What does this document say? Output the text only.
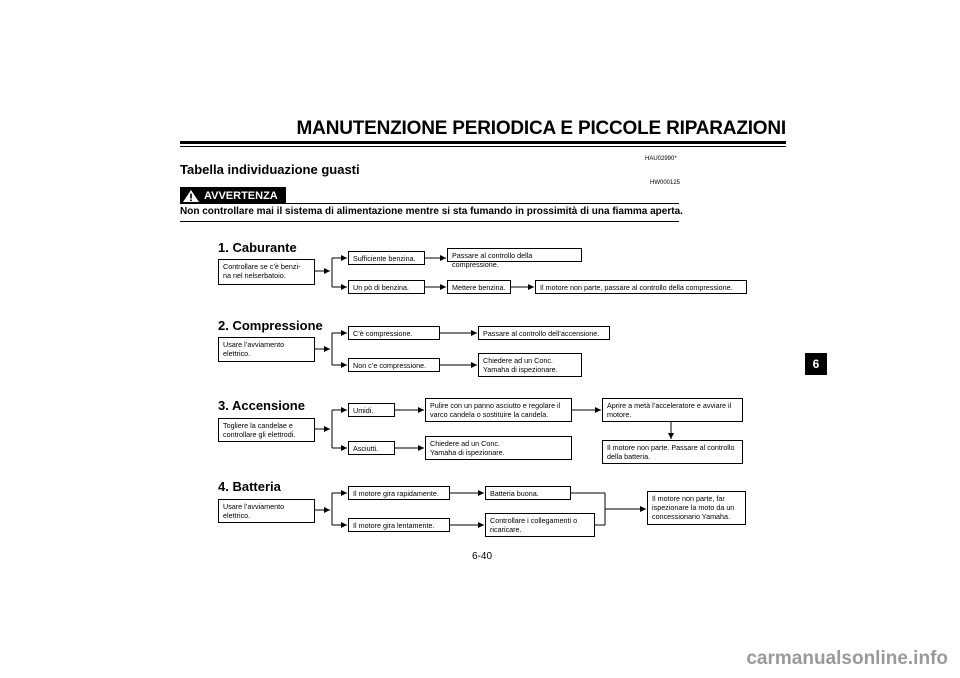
MANUTENZIONE PERIODICA E PICCOLE RIPARAZIONI
HAU02990*
Tabella individuazione guasti
HW000125
AVVERTENZA
Non controllare mai il sistema di alimentazione mentre si sta fumando in prossimità di una fiamma aperta.
1. Caburante
Controllare se c’è benzi-
na nel nelserbatoio.
Sufficiente benzina.	Passare al controllo della compressione.
Un pò di benzina.	Mettere benzina.	Il motore non parte, passare al controllo della compressione.
2. Compressione
Usare l’avviamento
elettrico.
C’è compressione.	Passare al controllo dell’accensione.
Non c’e compressione.
Chiedere ad un Conc.
Yamaha di ispezionare.
3. Accensione
Togliere la candelae e
controllare gli elettrodi.
Umidi.
Pulire con un panno asciutto e regolare il
varco candela o sostituire la candela.
Aprire a metà l’acceleratore e avviare il
motore.
Il motore non parte. Passare al controllo
della batteria.
Asciutti.
Chiedere ad un Conc.
Yamaha di ispezionare.
4. Batteria
Usare l’avviamento
elettrico.
Il motore gira rapidamente.	Batteria buona.
Il motore gira lentamente.
Controllare i collegamenti o
ricaricare.
Il motore non parte, far
ispezionare la moto da un
concessionario Yamaha.
6
6-40
carmanualsonline.info
